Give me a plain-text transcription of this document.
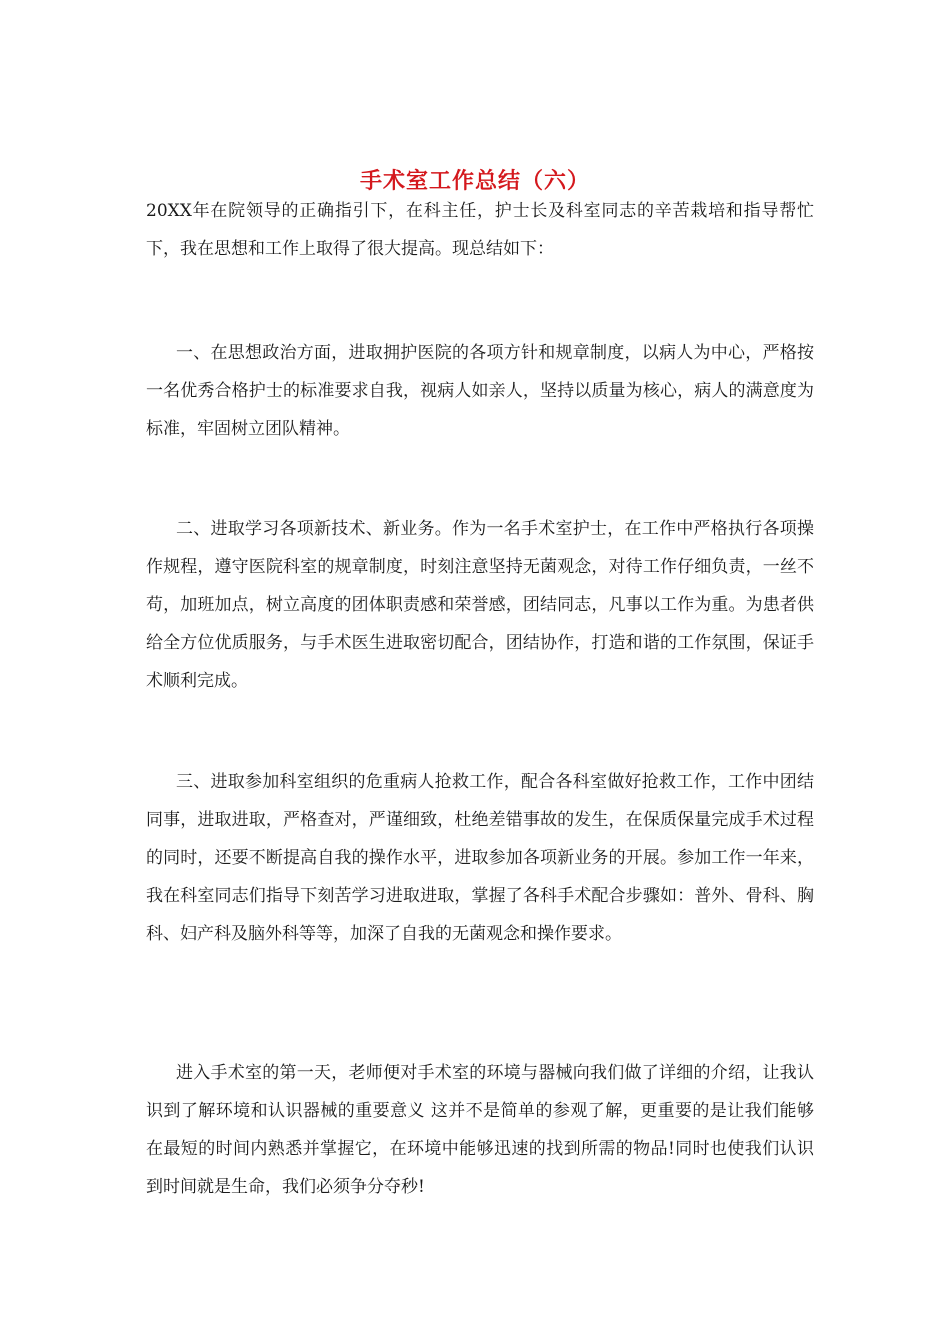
手术室工作总结（六）

20XX年在院领导的正确指引下，在科主任，护士长及科室同志的辛苦栽培和指导帮忙下，我在思想和工作上取得了很大提高。现总结如下：

一、在思想政治方面，进取拥护医院的各项方针和规章制度，以病人为中心，严格按一名优秀合格护士的标准要求自我，视病人如亲人，坚持以质量为核心，病人的满意度为标准，牢固树立团队精神。

二、进取学习各项新技术、新业务。作为一名手术室护士，在工作中严格执行各项操作规程，遵守医院科室的规章制度，时刻注意坚持无菌观念，对待工作仔细负责，一丝不苟，加班加点，树立高度的团体职责感和荣誉感，团结同志，凡事以工作为重。为患者供给全方位优质服务，与手术医生进取密切配合，团结协作，打造和谐的工作氛围，保证手术顺利完成。

三、进取参加科室组织的危重病人抢救工作，配合各科室做好抢救工作，工作中团结同事，进取进取，严格查对，严谨细致，杜绝差错事故的发生，在保质保量完成手术过程的同时，还要不断提高自我的操作水平，进取参加各项新业务的开展。参加工作一年来，我在科室同志们指导下刻苦学习进取进取，掌握了各科手术配合步骤如：普外、骨科、胸科、妇产科及脑外科等等，加深了自我的无菌观念和操作要求。

进入手术室的第一天，老师便对手术室的环境与器械向我们做了详细的介绍，让我认识到了解环境和认识器械的重要意义 这并不是简单的参观了解，更重要的是让我们能够在最短的时间内熟悉并掌握它，在环境中能够迅速的找到所需的物品!同时也使我们认识到时间就是生命，我们必须争分夺秒!
